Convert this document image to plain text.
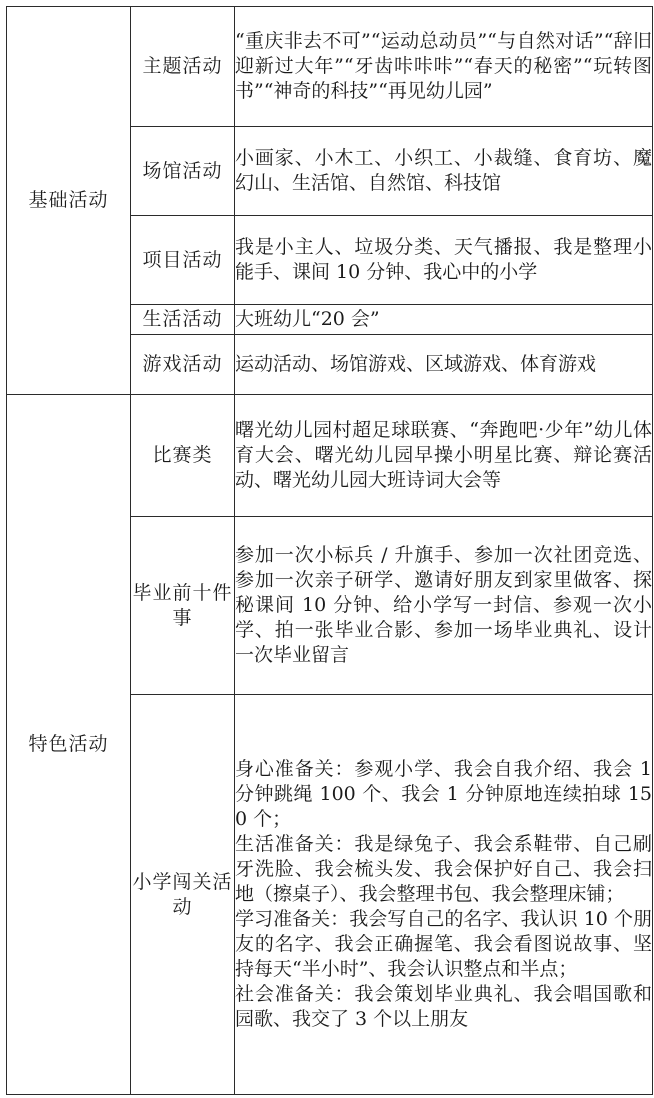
基础活动	主题活动	“重庆非去不可”“运动总动员”“与自然对话”“辞旧迎新过大年”“牙齿咔咔咔”“春天的秘密”“玩转图书”“神奇的科技”“再见幼儿园”

	场馆活动	小画家、小木工、小织工、小裁缝、食育坊、魔幻山、生活馆、自然馆、科技馆

	项目活动	我是小主人、垃圾分类、天气播报、我是整理小能手、课间 10 分钟、我心中的小学

	生活活动	大班幼儿“20 会”

	游戏活动	运动活动、场馆游戏、区域游戏、体育游戏

特色活动	比赛类	曙光幼儿园村超足球联赛、“奔跑吧·少年”幼儿体育大会、曙光幼儿园早操小明星比赛、辩论赛活动、曙光幼儿园大班诗词大会等

	毕业前十件事	参加一次小标兵 / 升旗手、参加一次社团竞选、参加一次亲子研学、邀请好朋友到家里做客、探秘课间 10 分钟、给小学写一封信、参观一次小学、拍一张毕业合影、参加一场毕业典礼、设计一次毕业留言

	小学闯关活动	身心准备关：参观小学、我会自我介绍、我会 1 分钟跳绳 100 个、我会 1 分钟原地连续拍球 150 个；
生活准备关：我是绿兔子、我会系鞋带、自己刷牙洗脸、我会梳头发、我会保护好自己、我会扫地（擦桌子）、我会整理书包、我会整理床铺；
学习准备关：我会写自己的名字、我认识 10 个朋友的名字、我会正确握笔、我会看图说故事、坚持每天“半小时”、我会认识整点和半点；
社会准备关：我会策划毕业典礼、我会唱国歌和园歌、我交了 3 个以上朋友
